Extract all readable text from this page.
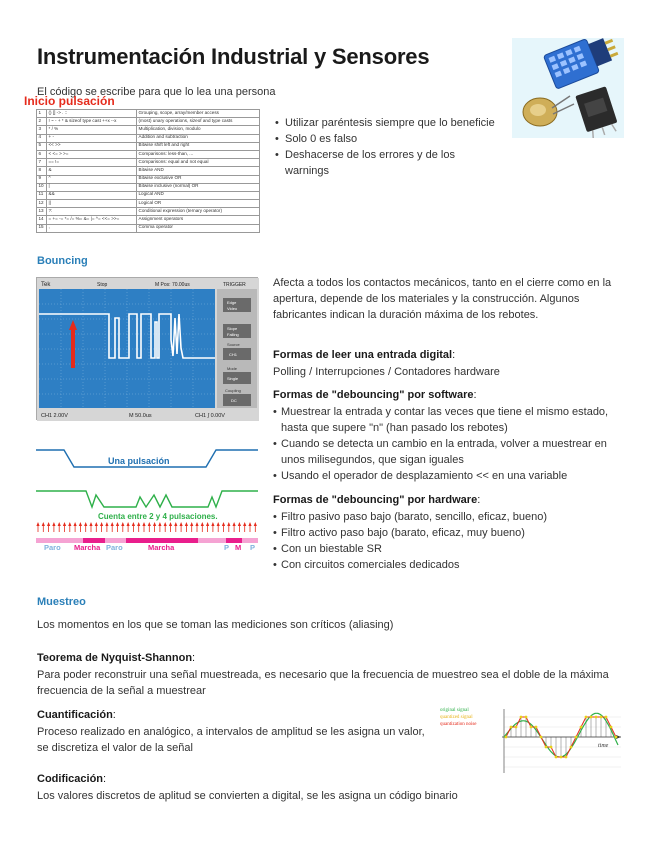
Instrumentación Industrial y Sensores
El código se escribe para que lo lea una persona
1	() [] -> . ::	Grouping, scope, array/member access
2	! ~ - + * & sizeof type cast ++x --x	(most) unary operations, sizeof and type casts
3	* / %	Multiplication, division, modulo
4	+ -	Addition and subtraction
5	<< >>	Bitwise shift left and right
6	< <= > >=	Comparisons: less-than, ...
7	== !=	Comparisons: equal and not equal
8	&	Bitwise AND
9	^	Bitwise exclusive OR
10	|	Bitwise inclusive (normal) OR
11	&&	Logical AND
12	||	Logical OR
13	?:	Conditional expression (ternary operator)
14	= += -= *= /= %= &= |= ^= <<= >>=	Assignment operators
15	,	Comma operator
• Utilizar paréntesis siempre que lo beneficie
• Solo 0 es falso
• Deshacerse de los errores y de los warnings
Bouncing
Tek	Stop	M Pos: 70.00us	TRIGGER
Edge
Video
Slope
Falling
Source
CH1
Mode
Single
Coupling
DC
CH1 2.00V	M 50.0us	CH1 ∫ 0.00V
Inicio pulsación
Una pulsación
Cuenta entre 2 y 4 pulsaciones.
Paro Marcha Paro	Marcha	P M P
Afecta a todos los contactos mecánicos, tanto en el cierre como en la apertura, depende de los materiales y la construcción. Algunos fabricantes indican la duración máxima de los rebotes.
Formas de leer una entrada digital:
Polling / Interrupciones / Contadores hardware
Formas de "debouncing" por software:
• Muestrear la entrada y contar las veces que tiene el mismo estado, hasta que supere "n" (han pasado los rebotes)
• Cuando se detecta un cambio en la entrada, volver a muestrear en unos milisegundos, que sigan iguales
• Usando el operador de desplazamiento << en una variable
Formas de "debouncing" por hardware:
• Filtro pasivo paso bajo (barato, sencillo, eficaz, bueno)
• Filtro activo paso bajo (barato, eficaz, muy bueno)
• Con un biestable SR
• Con circuitos comerciales dedicados
Muestreo
Los momentos en los que se toman las mediciones son críticos (aliasing)
Teorema de Nyquist-Shannon:
Para poder reconstruir una señal muestreada, es necesario que la frecuencia de muestreo sea el doble de la máxima frecuencia de la señal a muestrear
Cuantificación:
Proceso realizado en analógico, a intervalos de amplitud se les asigna un valor, se discretiza el valor de la señal
Codificación:
Los valores discretos de aplitud se convierten a digital, se les asigna un código binario
original signal
quantized signal
quantization noise
time
